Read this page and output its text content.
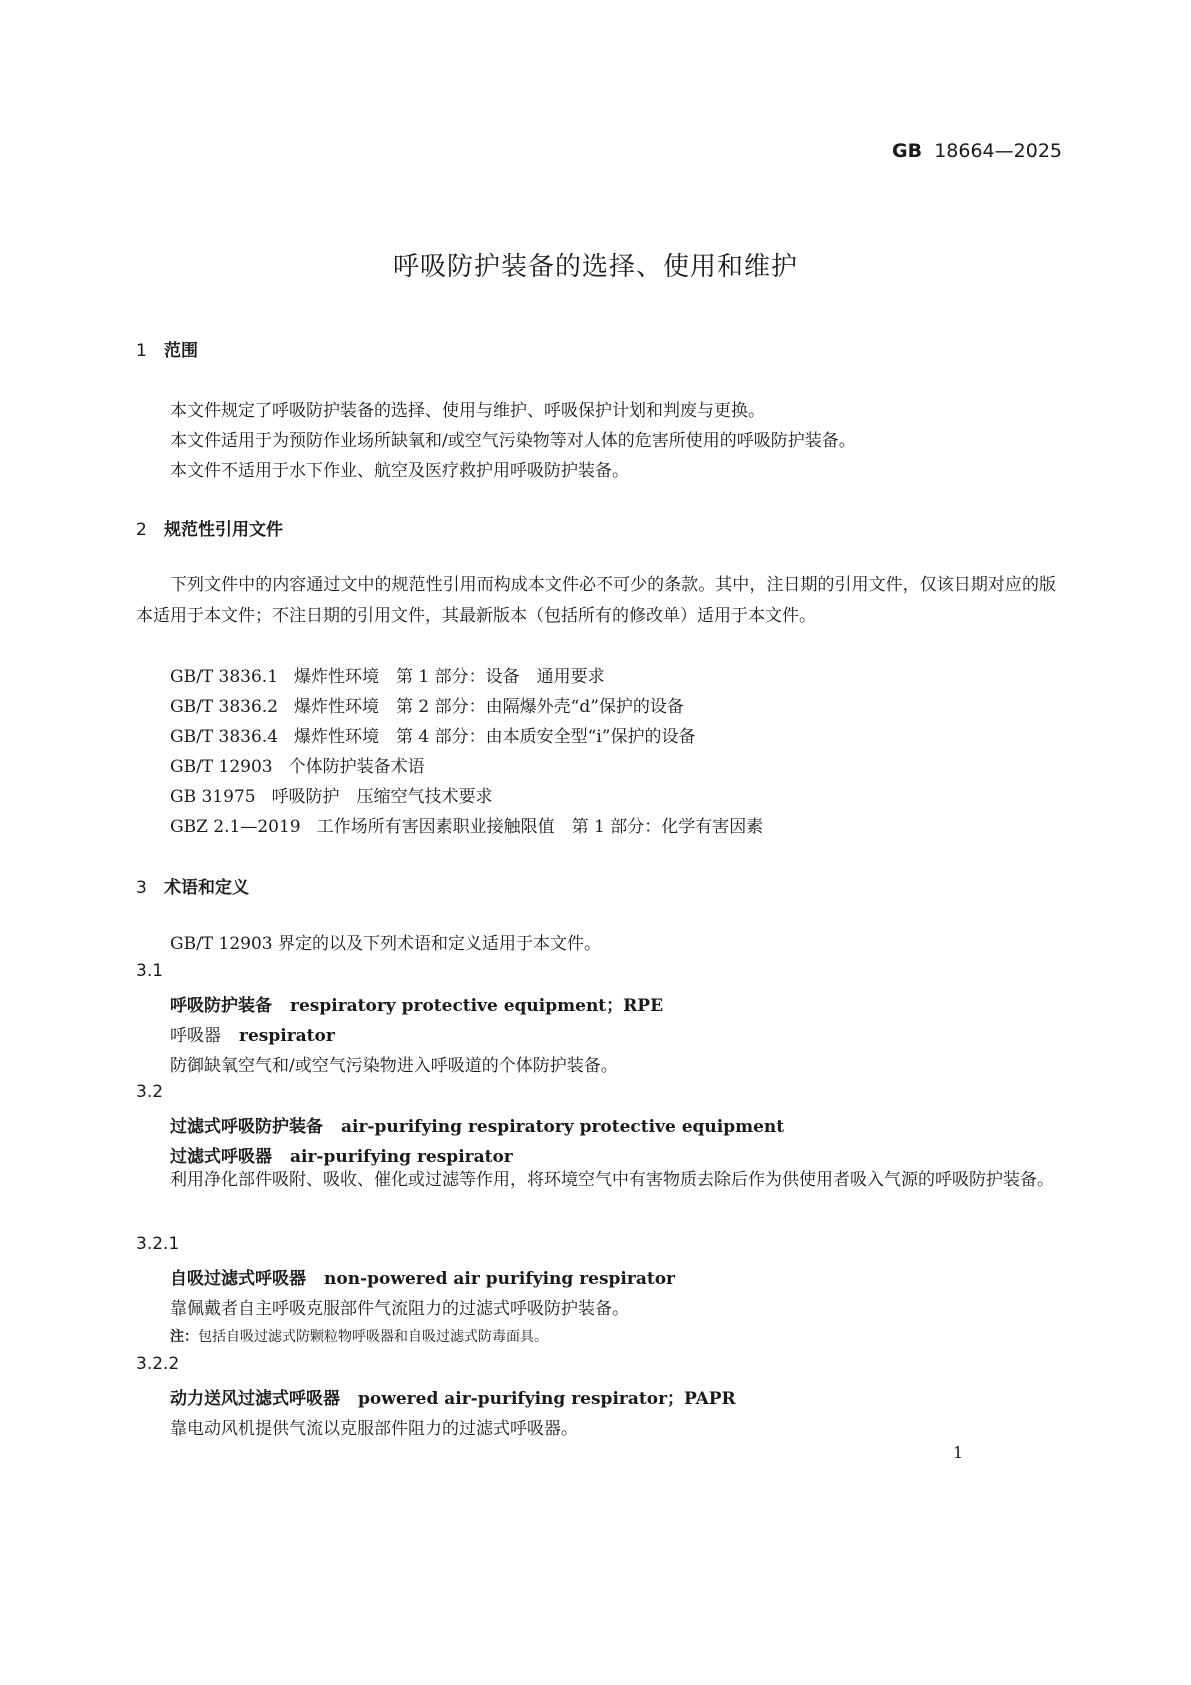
GB 18664—2025
呼吸防护装备的选择、使用和维护
1 范围
本文件规定了呼吸防护装备的选择、使用与维护、呼吸保护计划和判废与更换。
本文件适用于为预防作业场所缺氧和/或空气污染物等对人体的危害所使用的呼吸防护装备。
本文件不适用于水下作业、航空及医疗救护用呼吸防护装备。
2 规范性引用文件
下列文件中的内容通过文中的规范性引用而构成本文件必不可少的条款。其中，注日期的引用文件，仅该日期对应的版本适用于本文件；不注日期的引用文件，其最新版本（包括所有的修改单）适用于本文件。
GB/T 3836.1 爆炸性环境　第 1 部分：设备　通用要求
GB/T 3836.2 爆炸性环境　第 2 部分：由隔爆外壳“d”保护的设备
GB/T 3836.4 爆炸性环境　第 4 部分：由本质安全型“i”保护的设备
GB/T 12903 个体防护装备术语
GB 31975 呼吸防护　压缩空气技术要求
GBZ 2.1—2019 工作场所有害因素职业接触限值　第 1 部分：化学有害因素
3 术语和定义
GB/T 12903 界定的以及下列术语和定义适用于本文件。
3.1
呼吸防护装备 respiratory protective equipment；RPE
呼吸器 respirator
防御缺氧空气和/或空气污染物进入呼吸道的个体防护装备。
3.2
过滤式呼吸防护装备 air-purifying respiratory protective equipment
过滤式呼吸器 air-purifying respirator
利用净化部件吸附、吸收、催化或过滤等作用，将环境空气中有害物质去除后作为供使用者吸入气源的呼吸防护装备。
3.2.1
自吸过滤式呼吸器 non-powered air purifying respirator
靠佩戴者自主呼吸克服部件气流阻力的过滤式呼吸防护装备。
注：包括自吸过滤式防颗粒物呼吸器和自吸过滤式防毒面具。
3.2.2
动力送风过滤式呼吸器 powered air-purifying respirator；PAPR
靠电动风机提供气流以克服部件阻力的过滤式呼吸器。
1
